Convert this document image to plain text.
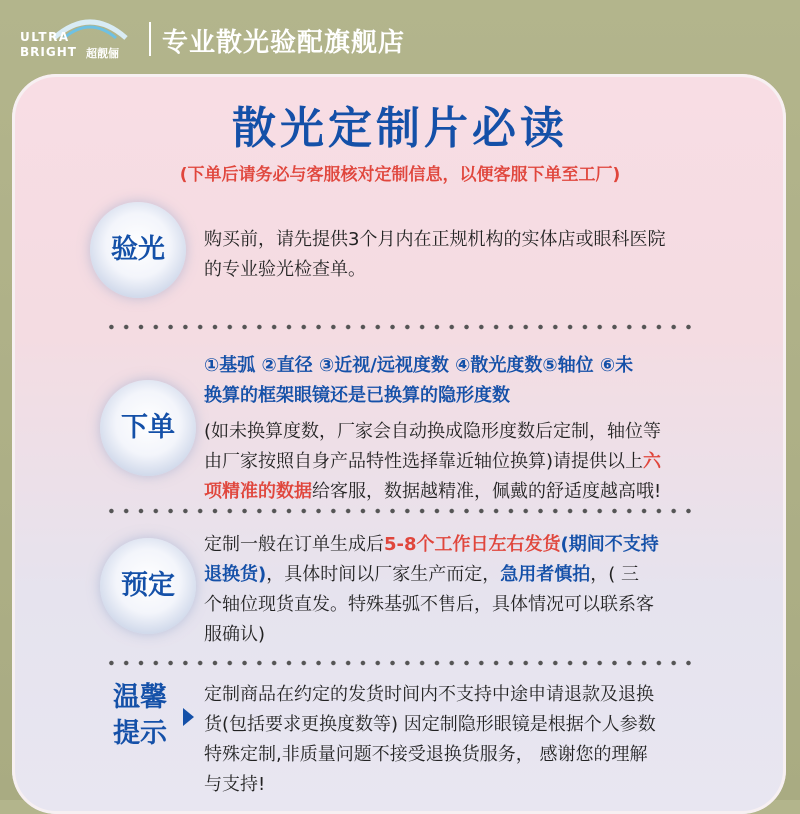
ULTRA
BRIGHT 超靓俪 专业散光验配旗舰店
散光定制片必读
(下单后请务必与客服核对定制信息，以便客服下单至工厂)
验光	购买前，请先提供3个月内在正规机构的实体店或眼科医院
的专业验光检查单。
下单
①基弧 ②直径 ③近视/远视度数 ④散光度数⑤轴位 ⑥未
换算的框架眼镜还是已换算的隐形度数
(如未换算度数，厂家会自动换成隐形度数后定制，轴位等
由厂家按照自身产品特性选择靠近轴位换算)请提供以上六
项精准的数据给客服，数据越精准，佩戴的舒适度越高哦!
预定
定制一般在订单生成后5-8个工作日左右发货(期间不支持
退换货)，具体时间以厂家生产而定，急用者慎拍，( 三
个轴位现货直发。特殊基弧不售后，具体情况可以联系客
服确认)
温馨
提示
定制商品在约定的发货时间内不支持中途申请退款及退换
货(包括要求更换度数等) 因定制隐形眼镜是根据个人参数
特殊定制,非质量问题不接受退换货服务， 感谢您的理解
与支持!
